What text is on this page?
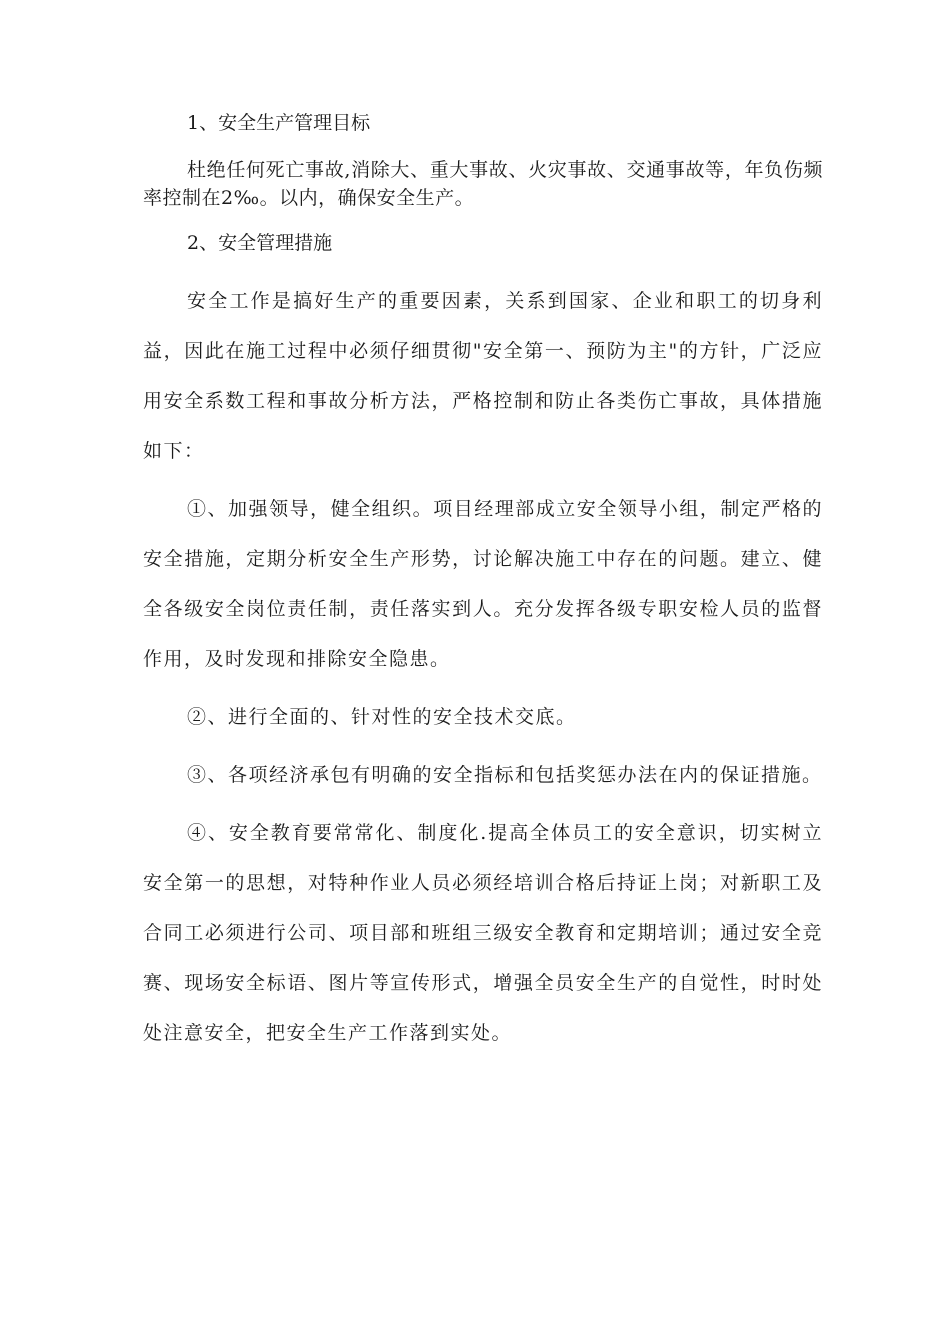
1、安全生产管理目标

杜绝任何死亡事故,消除大、重大事故、火灾事故、交通事故等，年负伤频率控制在2‰。以内，确保安全生产。

2、安全管理措施

安全工作是搞好生产的重要因素，关系到国家、企业和职工的切身利益，因此在施工过程中必须仔细贯彻"安全第一、预防为主"的方针，广泛应用安全系数工程和事故分析方法，严格控制和防止各类伤亡事故，具体措施如下：

①、加强领导，健全组织。项目经理部成立安全领导小组，制定严格的安全措施，定期分析安全生产形势，讨论解决施工中存在的问题。建立、健全各级安全岗位责任制，责任落实到人。充分发挥各级专职安检人员的监督作用，及时发现和排除安全隐患。

②、进行全面的、针对性的安全技术交底。

③、各项经济承包有明确的安全指标和包括奖惩办法在内的保证措施。

④、安全教育要常常化、制度化.提高全体员工的安全意识，切实树立安全第一的思想，对特种作业人员必须经培训合格后持证上岗；对新职工及合同工必须进行公司、项目部和班组三级安全教育和定期培训；通过安全竞赛、现场安全标语、图片等宣传形式，增强全员安全生产的自觉性，时时处处注意安全，把安全生产工作落到实处。
